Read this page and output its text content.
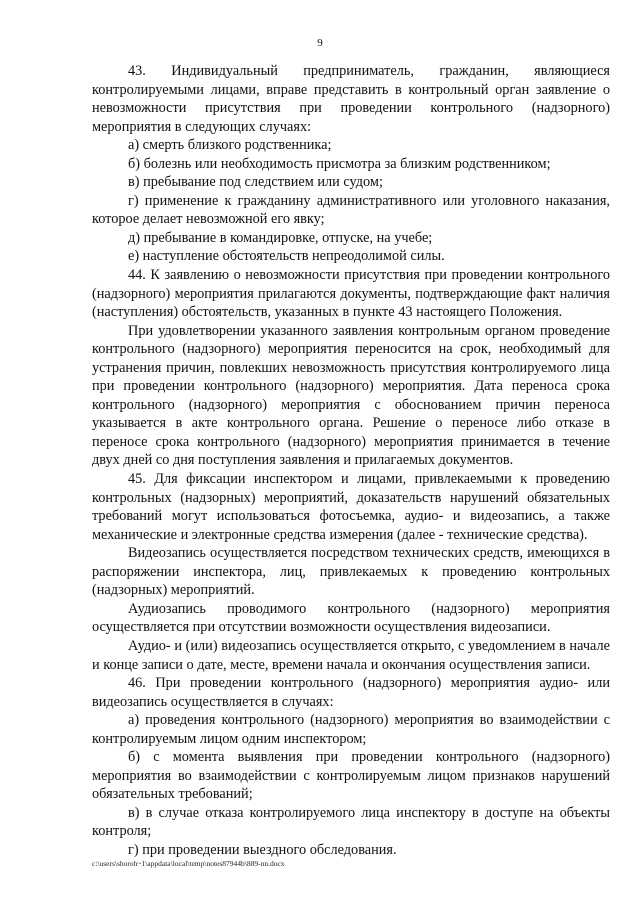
9

43. Индивидуальный предприниматель, гражданин, являющиеся контролируемыми лицами, вправе представить в контрольный орган заявление о невозможности присутствия при проведении контрольного (надзорного) мероприятия в следующих случаях:

а) смерть близкого родственника;

б) болезнь или необходимость присмотра за близким родственником;

в) пребывание под следствием или судом;

г) применение к гражданину административного или уголовного наказания, которое делает невозможной его явку;

д) пребывание в командировке, отпуске, на учебе;

е) наступление обстоятельств непреодолимой силы.

44. К заявлению о невозможности присутствия при проведении контрольного (надзорного) мероприятия прилагаются документы, подтверждающие факт наличия (наступления) обстоятельств, указанных в пункте 43 настоящего Положения.

При удовлетворении указанного заявления контрольным органом проведение контрольного (надзорного) мероприятия переносится на срок, необходимый для устранения причин, повлекших невозможность присутствия контролируемого лица при проведении контрольного (надзорного) мероприятия. Дата переноса срока контрольного (надзорного) мероприятия с обоснованием причин переноса указывается в акте контрольного органа. Решение о переносе либо отказе в переносе срока контрольного (надзорного) мероприятия принимается в течение двух дней со дня поступления заявления и прилагаемых документов.

45. Для фиксации инспектором и лицами, привлекаемыми к проведению контрольных (надзорных) мероприятий, доказательств нарушений обязательных требований могут использоваться фотосъемка, аудио- и видеозапись, а также механические и электронные средства измерения (далее - технические средства).

Видеозапись осуществляется посредством технических средств, имеющихся в распоряжении инспектора, лиц, привлекаемых к проведению контрольных (надзорных) мероприятий.

Аудиозапись проводимого контрольного (надзорного) мероприятия осуществляется при отсутствии возможности осуществления видеозаписи.

Аудио- и (или) видеозапись осуществляется открыто, с уведомлением в начале и конце записи о дате, месте, времени начала и окончания осуществления записи.

46. При проведении контрольного (надзорного) мероприятия аудио- или видеозапись осуществляется в случаях:

а) проведения контрольного (надзорного) мероприятия во взаимодействии с контролируемым лицом одним инспектором;

б) с момента выявления при проведении контрольного (надзорного) мероприятия во взаимодействии с контролируемым лицом признаков нарушений обязательных требований;

в) в случае отказа контролируемого лица инспектору в доступе на объекты контроля;

г) при проведении выездного обследования.

c:\users\shoroh~1\appdata\local\temp\notes87944b\889-nn.docx
